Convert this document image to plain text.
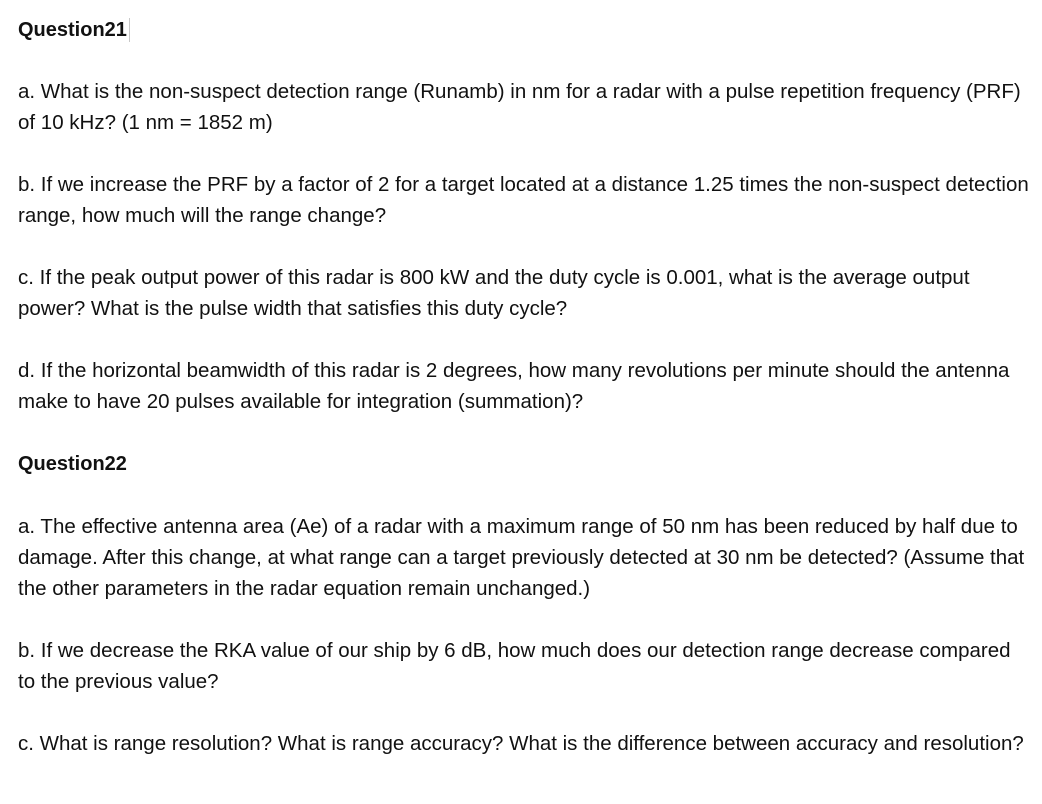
Question21

a. What is the non-suspect detection range (Runamb) in nm for a radar with a pulse repetition frequency (PRF) of 10 kHz? (1 nm = 1852 m)

b. If we increase the PRF by a factor of 2 for a target located at a distance 1.25 times the non-suspect detection range, how much will the range change?

c. If the peak output power of this radar is 800 kW and the duty cycle is 0.001, what is the average output power? What is the pulse width that satisfies this duty cycle?

d. If the horizontal beamwidth of this radar is 2 degrees, how many revolutions per minute should the antenna make to have 20 pulses available for integration (summation)?

Question22

a. The effective antenna area (Ae) of a radar with a maximum range of 50 nm has been reduced by half due to damage. After this change, at what range can a target previously detected at 30 nm be detected? (Assume that the other parameters in the radar equation remain unchanged.)

b. If we decrease the RKA value of our ship by 6 dB, how much does our detection range decrease compared to the previous value?

c. What is range resolution? What is range accuracy? What is the difference between accuracy and resolution?
